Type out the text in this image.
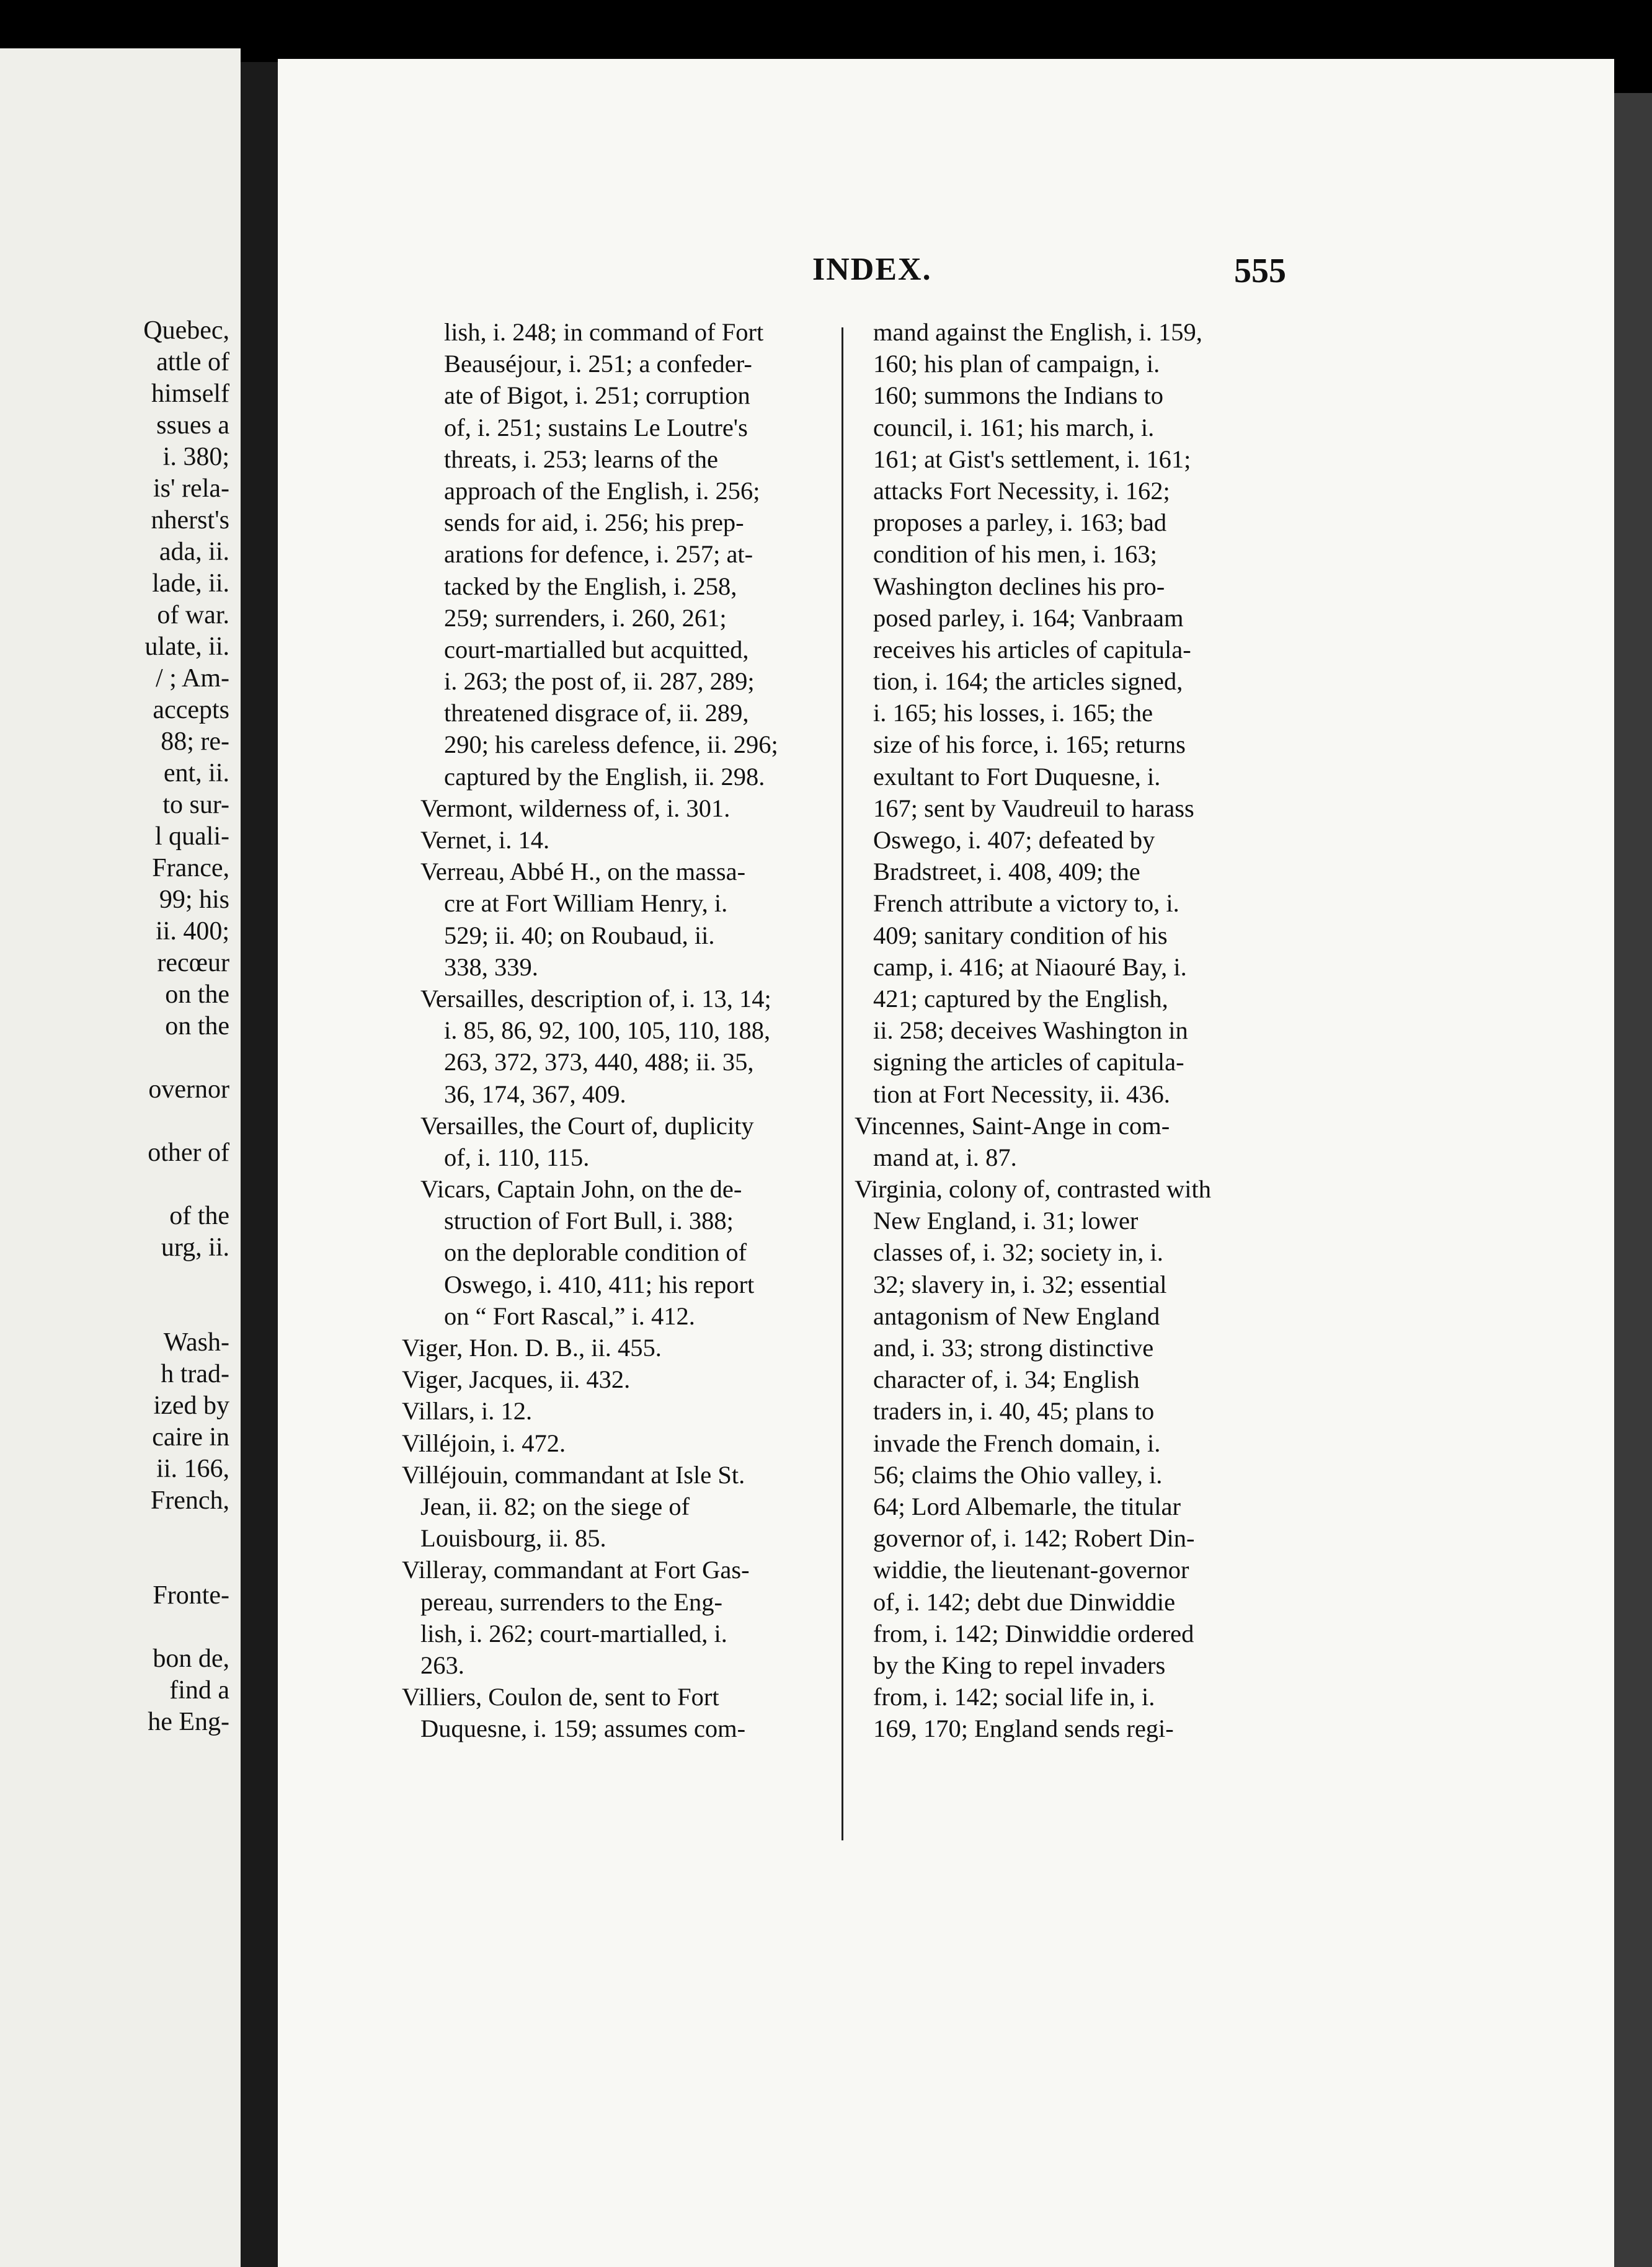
Quebec,
attle of
himself
ssues a
i. 380;
is' rela-
nherst's
ada, ii.
lade, ii.
of war.
ulate, ii.
/ ; Am-
accepts
88; re-
ent, ii.
to sur-
l quali-
France,
99; his
ii. 400;
recœur
on the
on the
overnor
other of
of the
urg, ii.
Wash-
h trad-
ized by
caire in
ii. 166,
French,
Fronte-
bon de,
find a
he Eng-
INDEX.	555
lish, i. 248; in command of Fort
Beauséjour, i. 251; a confeder-
ate of Bigot, i. 251; corruption
of, i. 251; sustains Le Loutre's
threats, i. 253; learns of the
approach of the English, i. 256;
sends for aid, i. 256; his prep-
arations for defence, i. 257; at-
tacked by the English, i. 258,
259; surrenders, i. 260, 261;
court-martialled but acquitted,
i. 263; the post of, ii. 287, 289;
threatened disgrace of, ii. 289,
290; his careless defence, ii. 296;
captured by the English, ii. 298.
Vermont, wilderness of, i. 301.
Vernet, i. 14.
Verreau, Abbé H., on the massa-
cre at Fort William Henry, i.
529; ii. 40; on Roubaud, ii.
338, 339.
Versailles, description of, i. 13, 14;
i. 85, 86, 92, 100, 105, 110, 188,
263, 372, 373, 440, 488; ii. 35,
36, 174, 367, 409.
Versailles, the Court of, duplicity
of, i. 110, 115.
Vicars, Captain John, on the de-
struction of Fort Bull, i. 388;
on the deplorable condition of
Oswego, i. 410, 411; his report
on “ Fort Rascal,” i. 412.
Viger, Hon. D. B., ii. 455.
Viger, Jacques, ii. 432.
Villars, i. 12.
Villéjoin, i. 472.
Villéjouin, commandant at Isle St.
Jean, ii. 82; on the siege of
Louisbourg, ii. 85.
Villeray, commandant at Fort Gas-
pereau, surrenders to the Eng-
lish, i. 262; court-martialled, i.
263.
Villiers, Coulon de, sent to Fort
Duquesne, i. 159; assumes com-
mand against the English, i. 159,
160; his plan of campaign, i.
160; summons the Indians to
council, i. 161; his march, i.
161; at Gist's settlement, i. 161;
attacks Fort Necessity, i. 162;
proposes a parley, i. 163; bad
condition of his men, i. 163;
Washington declines his pro-
posed parley, i. 164; Vanbraam
receives his articles of capitula-
tion, i. 164; the articles signed,
i. 165; his losses, i. 165; the
size of his force, i. 165; returns
exultant to Fort Duquesne, i.
167; sent by Vaudreuil to harass
Oswego, i. 407; defeated by
Bradstreet, i. 408, 409; the
French attribute a victory to, i.
409; sanitary condition of his
camp, i. 416; at Niaouré Bay, i.
421; captured by the English,
ii. 258; deceives Washington in
signing the articles of capitula-
tion at Fort Necessity, ii. 436.
Vincennes, Saint-Ange in com-
mand at, i. 87.
Virginia, colony of, contrasted with
New England, i. 31; lower
classes of, i. 32; society in, i.
32; slavery in, i. 32; essential
antagonism of New England
and, i. 33; strong distinctive
character of, i. 34; English
traders in, i. 40, 45; plans to
invade the French domain, i.
56; claims the Ohio valley, i.
64; Lord Albemarle, the titular
governor of, i. 142; Robert Din-
widdie, the lieutenant-governor
of, i. 142; debt due Dinwiddie
from, i. 142; Dinwiddie ordered
by the King to repel invaders
from, i. 142; social life in, i.
169, 170; England sends regi-
